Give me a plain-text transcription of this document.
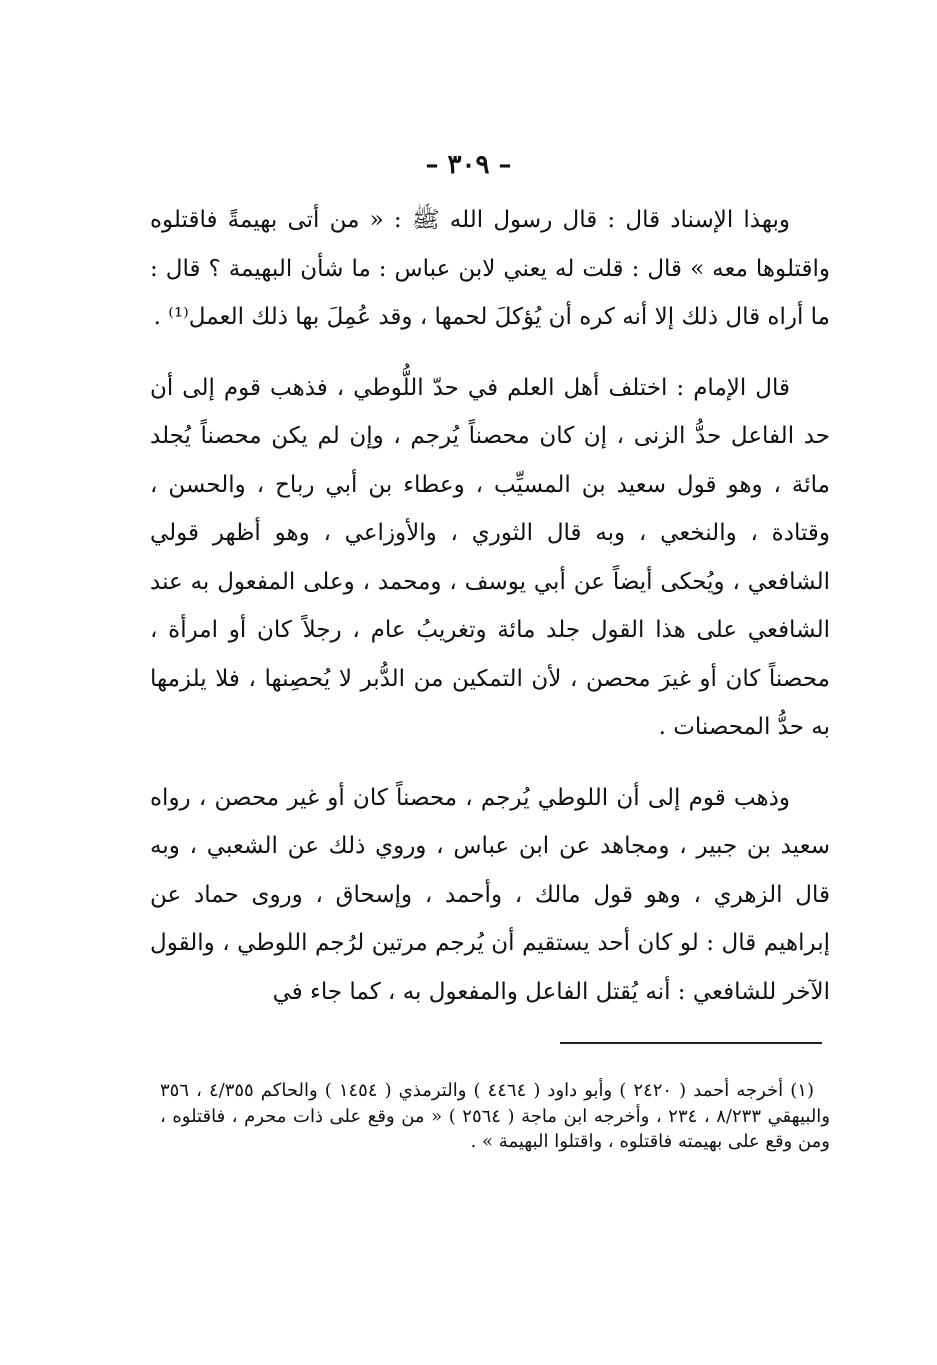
– ٣٠٩ –

وبهذا الإسناد قال : قال رسول الله ﷺ : « من أتى بهيمةً فاقتلوه واقتلوها معه » قال : قلت له يعني لابن عباس : ما شأن البهيمة ؟ قال : ما أراه قال ذلك إلا أنه كره أن يُؤكلَ لحمها ، وقد عُمِلَ بها ذلك العمل⁽¹⁾ .

قال الإمام : اختلف أهل العلم في حدّ اللُّوطي ، فذهب قوم إلى أن حد الفاعل حدُّ الزنى ، إن كان محصناً يُرجم ، وإن لم يكن محصناً يُجلد مائة ، وهو قول سعيد بن المسيِّب ، وعطاء بن أبي رباح ، والحسن ، وقتادة ، والنخعي ، وبه قال الثوري ، والأوزاعي ، وهو أظهر قولي الشافعي ، ويُحكى أيضاً عن أبي يوسف ، ومحمد ، وعلى المفعول به عند الشافعي على هذا القول جلد مائة وتغريبُ عام ، رجلاً كان أو امرأة ، محصناً كان أو غيرَ محصن ، لأن التمكين من الدُّبر لا يُحصِنها ، فلا يلزمها به حدُّ المحصنات .

وذهب قوم إلى أن اللوطي يُرجم ، محصناً كان أو غير محصن ، رواه سعيد بن جبير ، ومجاهد عن ابن عباس ، وروي ذلك عن الشعبي ، وبه قال الزهري ، وهو قول مالك ، وأحمد ، وإسحاق ، وروى حماد عن إبراهيم قال : لو كان أحد يستقيم أن يُرجم مرتين لرُجم اللوطي ، والقول الآخر للشافعي : أنه يُقتل الفاعل والمفعول به ، كما جاء في

(١) أخرجه أحمد ( ٢٤٢٠ ) وأبو داود ( ٤٤٦٤ ) والترمذي ( ١٤٥٤ ) والحاكم ٤/٣٥٥ ، ٣٥٦ والبيهقي ٨/٢٣٣ ، ٢٣٤ ، وأخرجه ابن ماجة ( ٢٥٦٤ ) « من وقع على ذات محرم ، فاقتلوه ، ومن وقع على بهيمته فاقتلوه ، واقتلوا البهيمة » .
